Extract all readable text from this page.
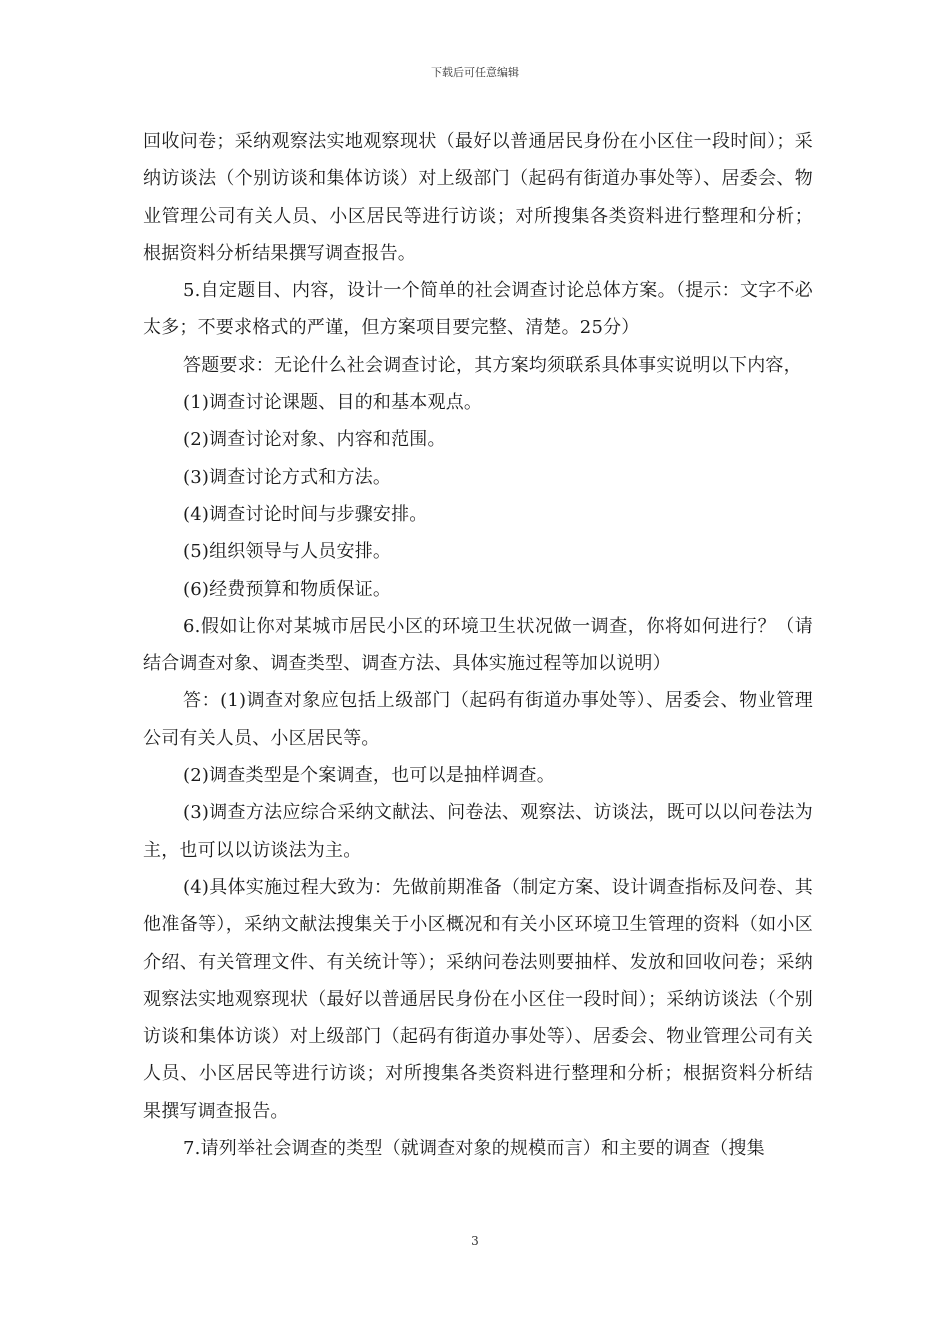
下载后可任意编辑

回收问卷；采纳观察法实地观察现状（最好以普通居民身份在小区住一段时间）；采纳访谈法（个别访谈和集体访谈）对上级部门（起码有街道办事处等）、居委会、物业管理公司有关人员、小区居民等进行访谈；对所搜集各类资料进行整理和分析；根据资料分析结果撰写调查报告。

5.自定题目、内容，设计一个简单的社会调查讨论总体方案。（提示：文字不必太多；不要求格式的严谨，但方案项目要完整、清楚。25分）

答题要求：无论什么社会调查讨论，其方案均须联系具体事实说明以下内容，

(1)调查讨论课题、目的和基本观点。

(2)调查讨论对象、内容和范围。

(3)调查讨论方式和方法。

(4)调查讨论时间与步骤安排。

(5)组织领导与人员安排。

(6)经费预算和物质保证。

6.假如让你对某城市居民小区的环境卫生状况做一调查，你将如何进行？（请结合调查对象、调查类型、调查方法、具体实施过程等加以说明）

答：(1)调查对象应包括上级部门（起码有街道办事处等）、居委会、物业管理公司有关人员、小区居民等。

(2)调查类型是个案调查，也可以是抽样调查。

(3)调查方法应综合采纳文献法、问卷法、观察法、访谈法，既可以以问卷法为主，也可以以访谈法为主。

(4)具体实施过程大致为：先做前期准备（制定方案、设计调查指标及问卷、其他准备等），采纳文献法搜集关于小区概况和有关小区环境卫生管理的资料（如小区介绍、有关管理文件、有关统计等）；采纳问卷法则要抽样、发放和回收问卷；采纳观察法实地观察现状（最好以普通居民身份在小区住一段时间）；采纳访谈法（个别访谈和集体访谈）对上级部门（起码有街道办事处等）、居委会、物业管理公司有关人员、小区居民等进行访谈；对所搜集各类资料进行整理和分析；根据资料分析结果撰写调查报告。

7.请列举社会调查的类型（就调查对象的规模而言）和主要的调查（搜集

3
